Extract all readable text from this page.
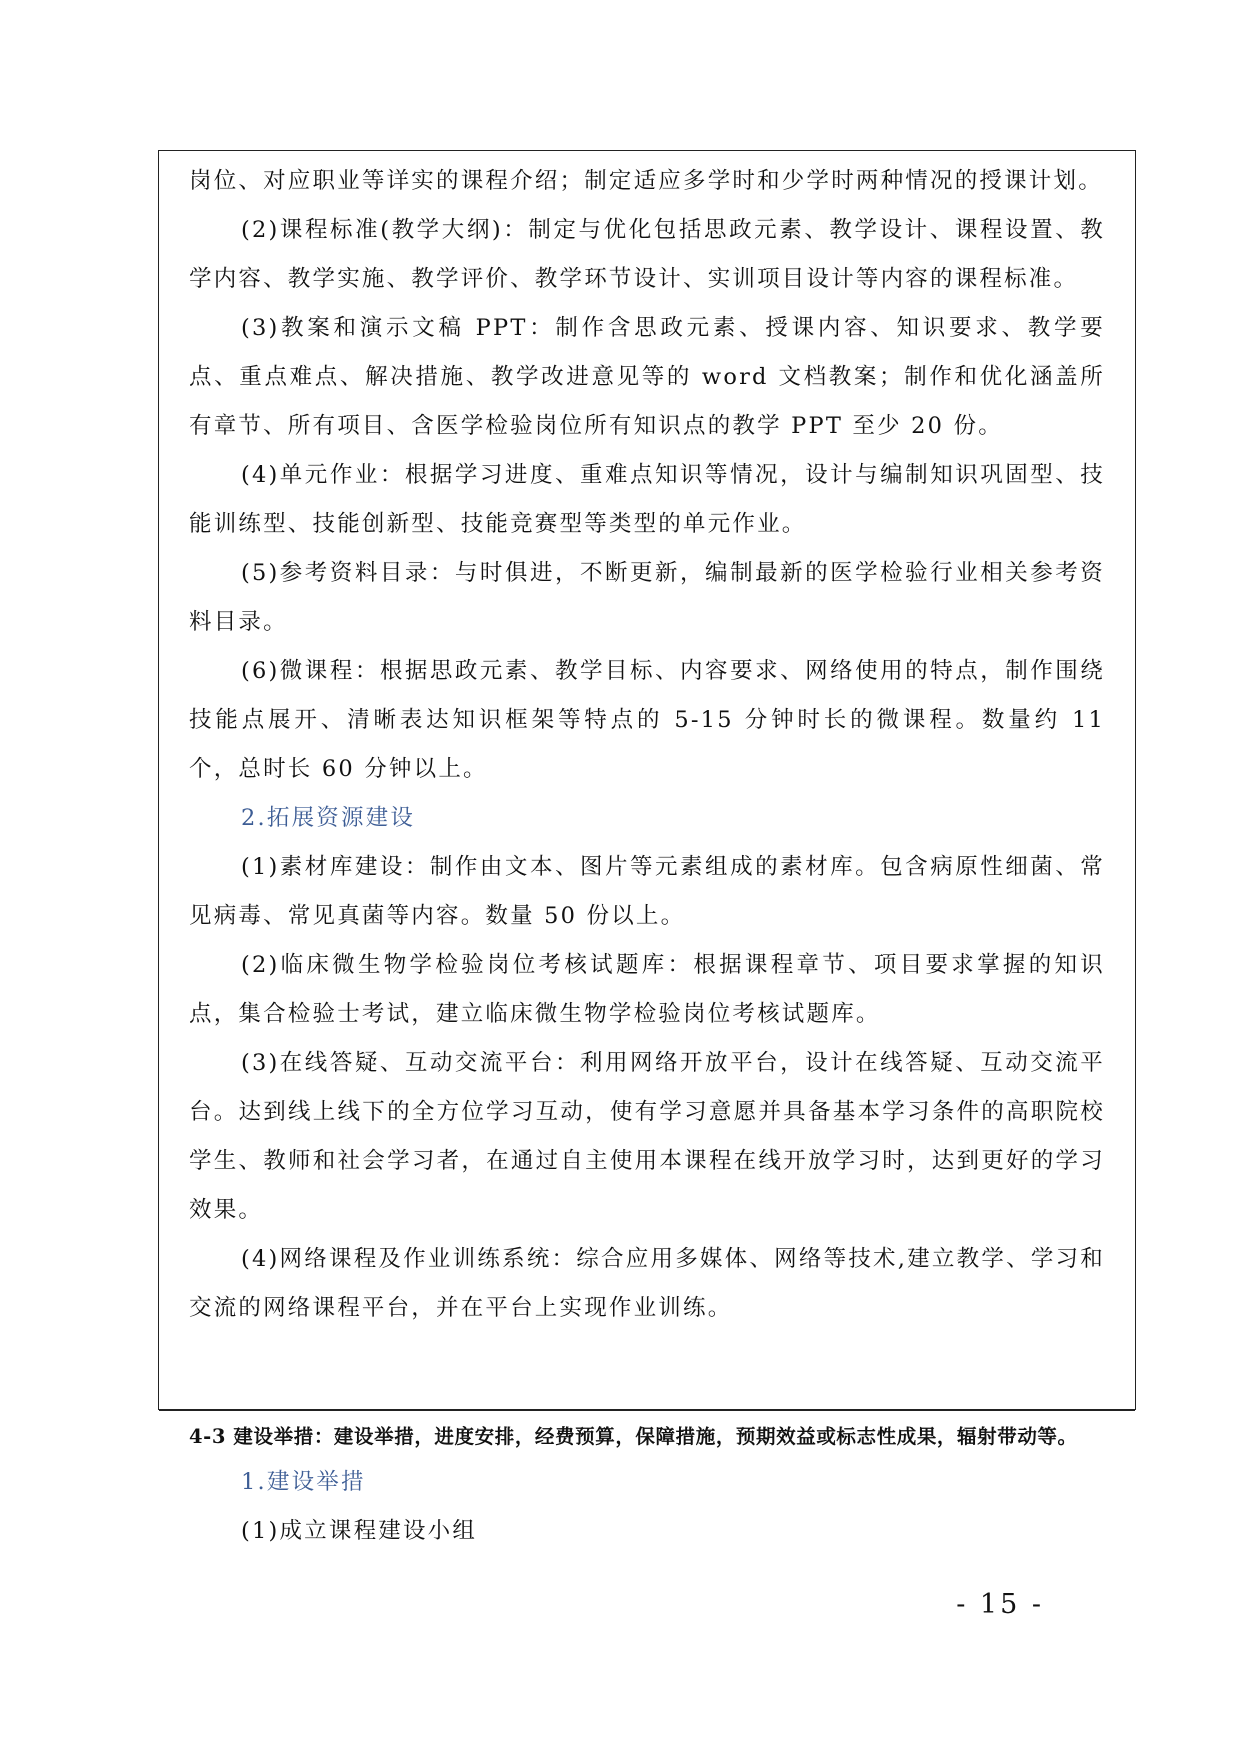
岗位、对应职业等详实的课程介绍；制定适应多学时和少学时两种情况的授课计划。

(2)课程标准(教学大纲)：制定与优化包括思政元素、教学设计、课程设置、教学内容、教学实施、教学评价、教学环节设计、实训项目设计等内容的课程标准。

(3)教案和演示文稿 PPT：制作含思政元素、授课内容、知识要求、教学要点、重点难点、解决措施、教学改进意见等的 word 文档教案；制作和优化涵盖所有章节、所有项目、含医学检验岗位所有知识点的教学 PPT 至少 20 份。

(4)单元作业：根据学习进度、重难点知识等情况，设计与编制知识巩固型、技能训练型、技能创新型、技能竞赛型等类型的单元作业。

(5)参考资料目录：与时俱进，不断更新，编制最新的医学检验行业相关参考资料目录。

(6)微课程：根据思政元素、教学目标、内容要求、网络使用的特点，制作围绕技能点展开、清晰表达知识框架等特点的 5-15 分钟时长的微课程。数量约 11 个，总时长 60 分钟以上。

2.拓展资源建设

(1)素材库建设：制作由文本、图片等元素组成的素材库。包含病原性细菌、常见病毒、常见真菌等内容。数量 50 份以上。

(2)临床微生物学检验岗位考核试题库：根据课程章节、项目要求掌握的知识点，集合检验士考试，建立临床微生物学检验岗位考核试题库。

(3)在线答疑、互动交流平台：利用网络开放平台，设计在线答疑、互动交流平台。达到线上线下的全方位学习互动，使有学习意愿并具备基本学习条件的高职院校学生、教师和社会学习者，在通过自主使用本课程在线开放学习时，达到更好的学习效果。

(4)网络课程及作业训练系统：综合应用多媒体、网络等技术,建立教学、学习和交流的网络课程平台，并在平台上实现作业训练。

4-3 建设举措：建设举措，进度安排，经费预算，保障措施，预期效益或标志性成果，辐射带动等。

1.建设举措

(1)成立课程建设小组

- 15 -
